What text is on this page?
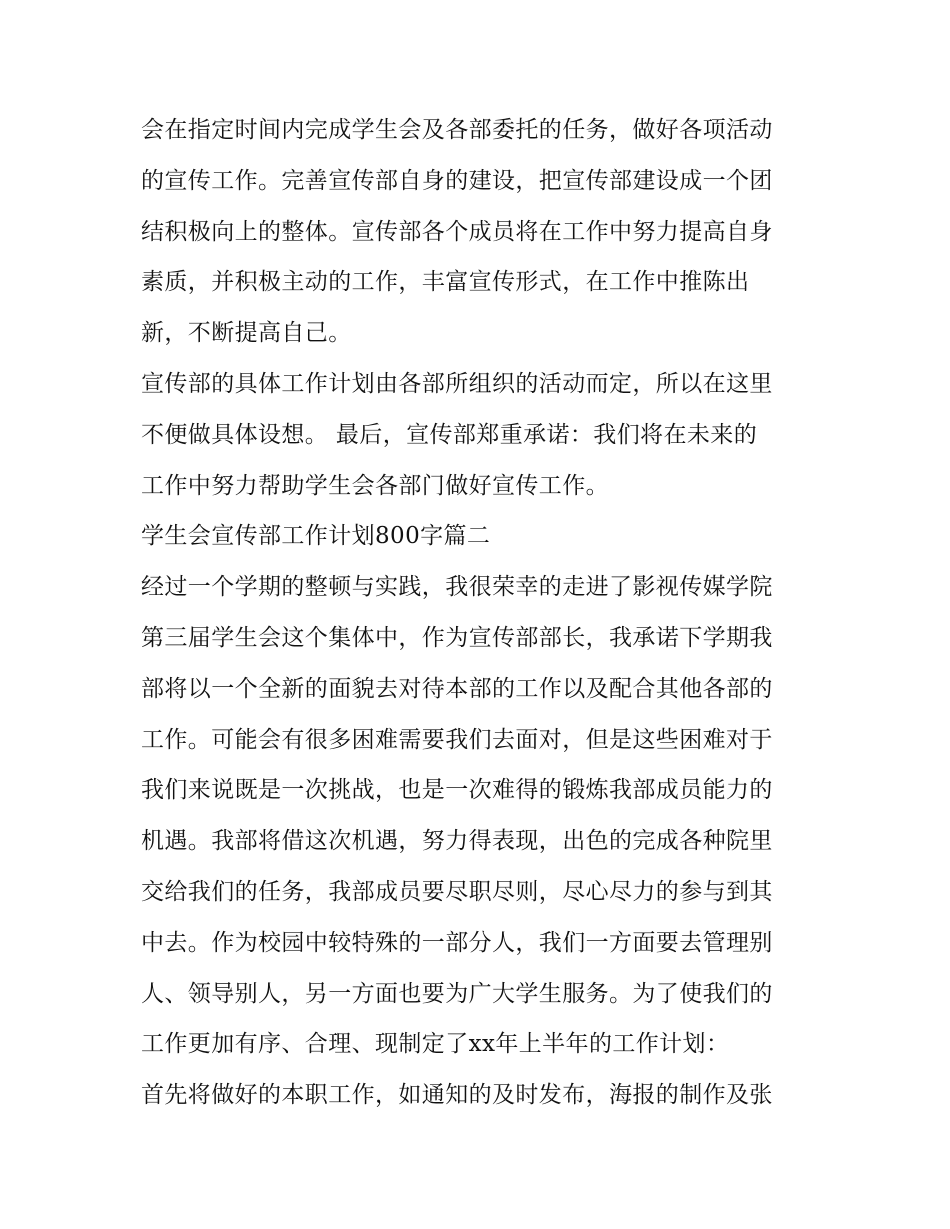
会在指定时间内完成学生会及各部委托的任务，做好各项活动
的宣传工作。完善宣传部自身的建设，把宣传部建设成一个团
结积极向上的整体。宣传部各个成员将在工作中努力提高自身
素质，并积极主动的工作，丰富宣传形式，在工作中推陈出
新，不断提高自己。
宣传部的具体工作计划由各部所组织的活动而定，所以在这里
不便做具体设想。 最后，宣传部郑重承诺：我们将在未来的
工作中努力帮助学生会各部门做好宣传工作。
学生会宣传部工作计划800字篇二
经过一个学期的整顿与实践，我很荣幸的走进了影视传媒学院
第三届学生会这个集体中，作为宣传部部长，我承诺下学期我
部将以一个全新的面貌去对待本部的工作以及配合其他各部的
工作。可能会有很多困难需要我们去面对，但是这些困难对于
我们来说既是一次挑战，也是一次难得的锻炼我部成员能力的
机遇。我部将借这次机遇，努力得表现，出色的完成各种院里
交给我们的任务，我部成员要尽职尽则，尽心尽力的参与到其
中去。作为校园中较特殊的一部分人，我们一方面要去管理别
人、领导别人，另一方面也要为广大学生服务。为了使我们的
工作更加有序、合理、现制定了xx年上半年的工作计划：
首先将做好的本职工作，如通知的及时发布，海报的制作及张
